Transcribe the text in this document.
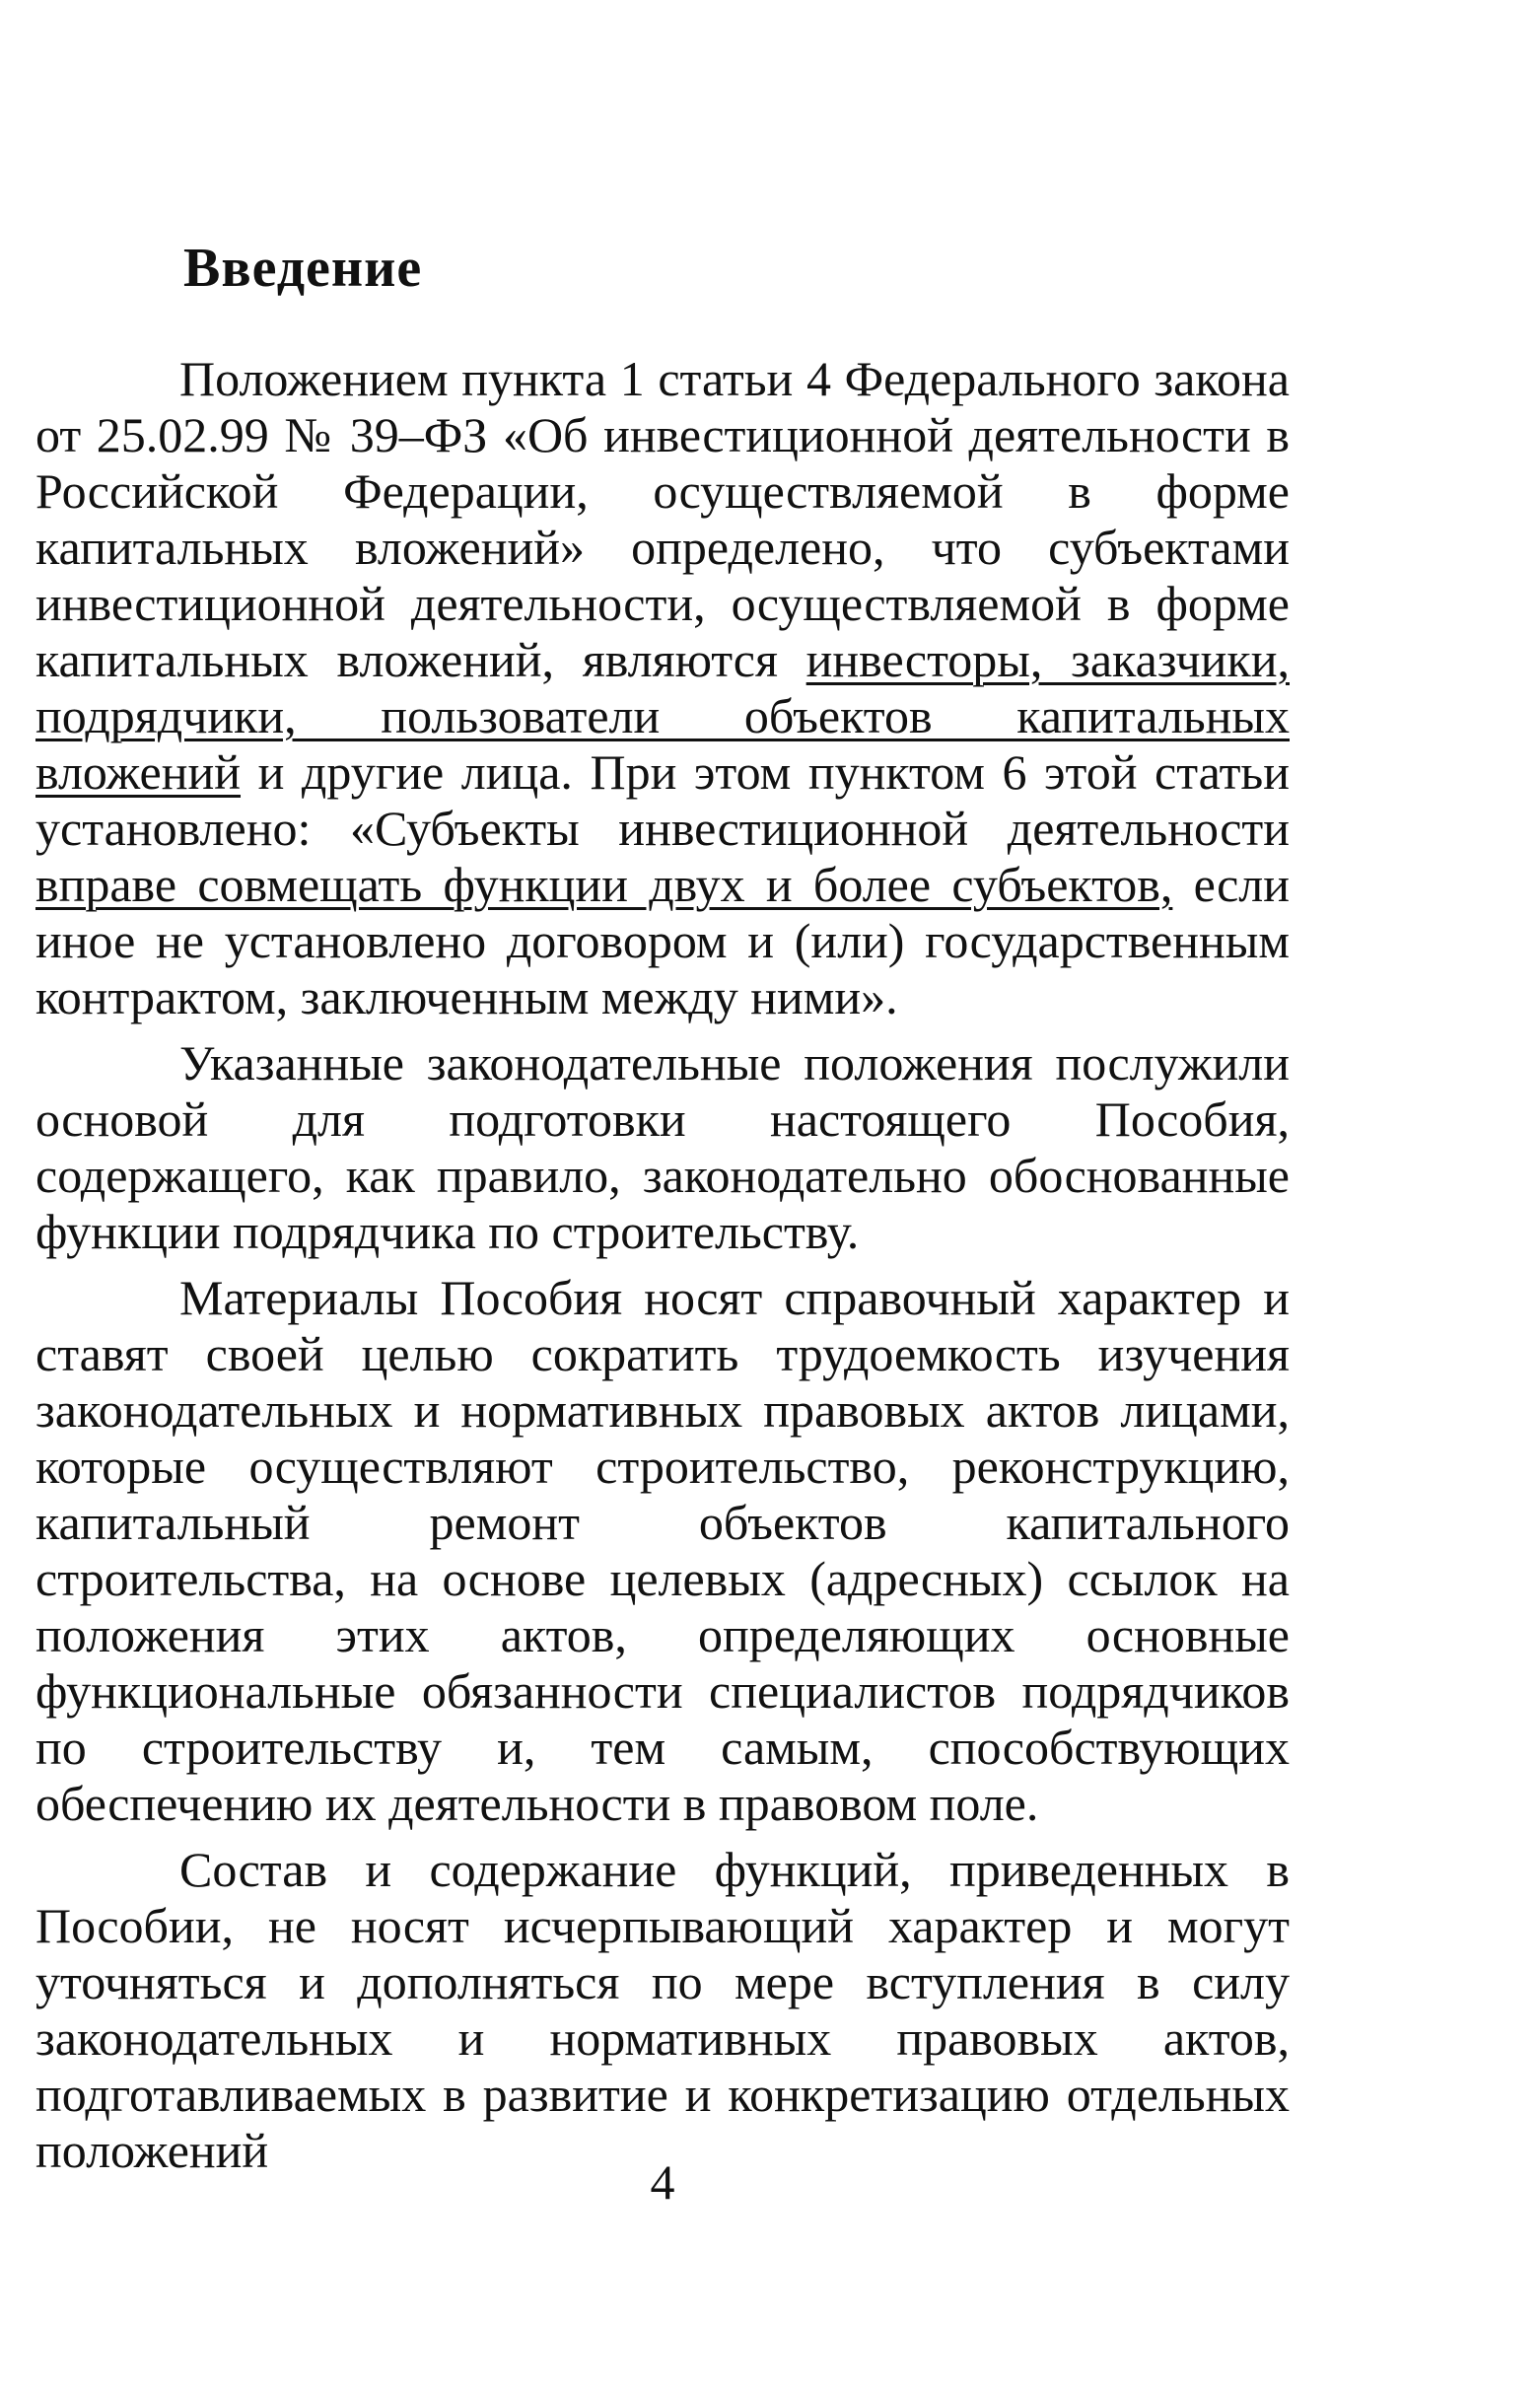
Введение

Положением пункта 1 статьи 4 Федерального закона от 25.02.99 № 39–ФЗ «Об инвестиционной деятельности в Российской Федерации, осуществляемой в форме капитальных вложений» определено, что субъектами инвестиционной деятельности, осуществляемой в форме капитальных вложений, являются инвесторы, заказчики, подрядчики, пользователи объектов капитальных вложений и другие лица. При этом пунктом 6 этой статьи установлено: «Субъекты инвестиционной деятельности вправе совмещать функции двух и более субъектов, если иное не установлено договором и (или) государственным контрактом, заключенным между ними».

Указанные законодательные положения послужили основой для подготовки настоящего Пособия, содержащего, как правило, законодательно обоснованные функции подрядчика по строительству.

Материалы Пособия носят справочный характер и ставят своей целью сократить трудоемкость изучения законодательных и нормативных правовых актов лицами, которые осуществляют строительство, реконструкцию, капитальный ремонт объектов капитального строительства, на основе целевых (адресных) ссылок на положения этих актов, определяющих основные функциональные обязанности специалистов подрядчиков по строительству и, тем самым, способствующих обеспечению их деятельности в правовом поле.

Состав и содержание функций, приведенных в Пособии, не носят исчерпывающий характер и могут уточняться и дополняться по мере вступления в силу законодательных и нормативных правовых актов, подготавливаемых в развитие и конкретизацию отдельных положений

4
